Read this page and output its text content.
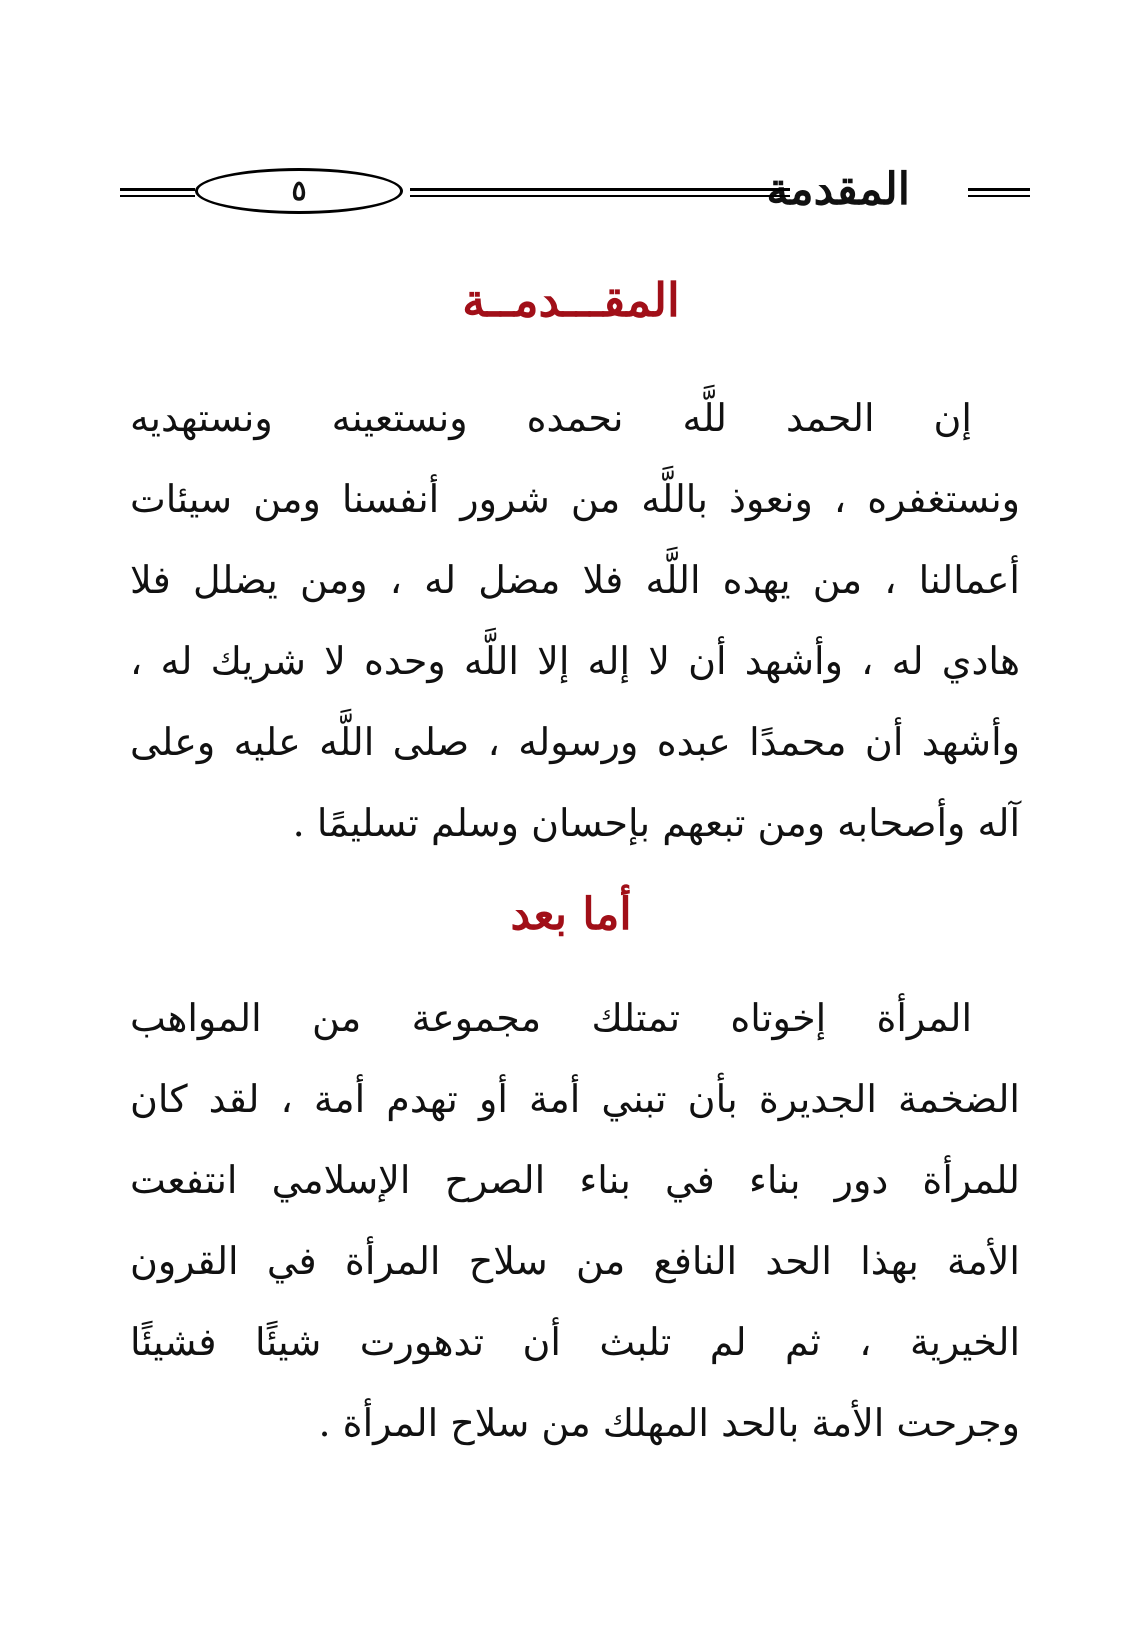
المقدمة
٥
المقـــدمــة
إن الحمد للَّه نحمده ونستعينه ونستهديه
ونستغفره ، ونعوذ باللَّه من شرور أنفسنا ومن سيئات
أعمالنا ، من يهده اللَّه فلا مضل له ، ومن يضلل فلا
هادي له ، وأشهد أن لا إله إلا اللَّه وحده لا شريك له ،
وأشهد أن محمدًا عبده ورسوله ، صلى اللَّه عليه وعلى
آله وأصحابه ومن تبعهم بإحسان وسلم تسليمًا .
أما بعد
المرأة إخوتاه تمتلك مجموعة من المواهب
الضخمة الجديرة بأن تبني أمة أو تهدم أمة ، لقد كان
للمرأة دور بناء في بناء الصرح الإسلامي انتفعت
الأمة بهذا الحد النافع من سلاح المرأة في القرون
الخيرية ، ثم لم تلبث أن تدهورت شيئًا فشيئًا
وجرحت الأمة بالحد المهلك من سلاح المرأة .
